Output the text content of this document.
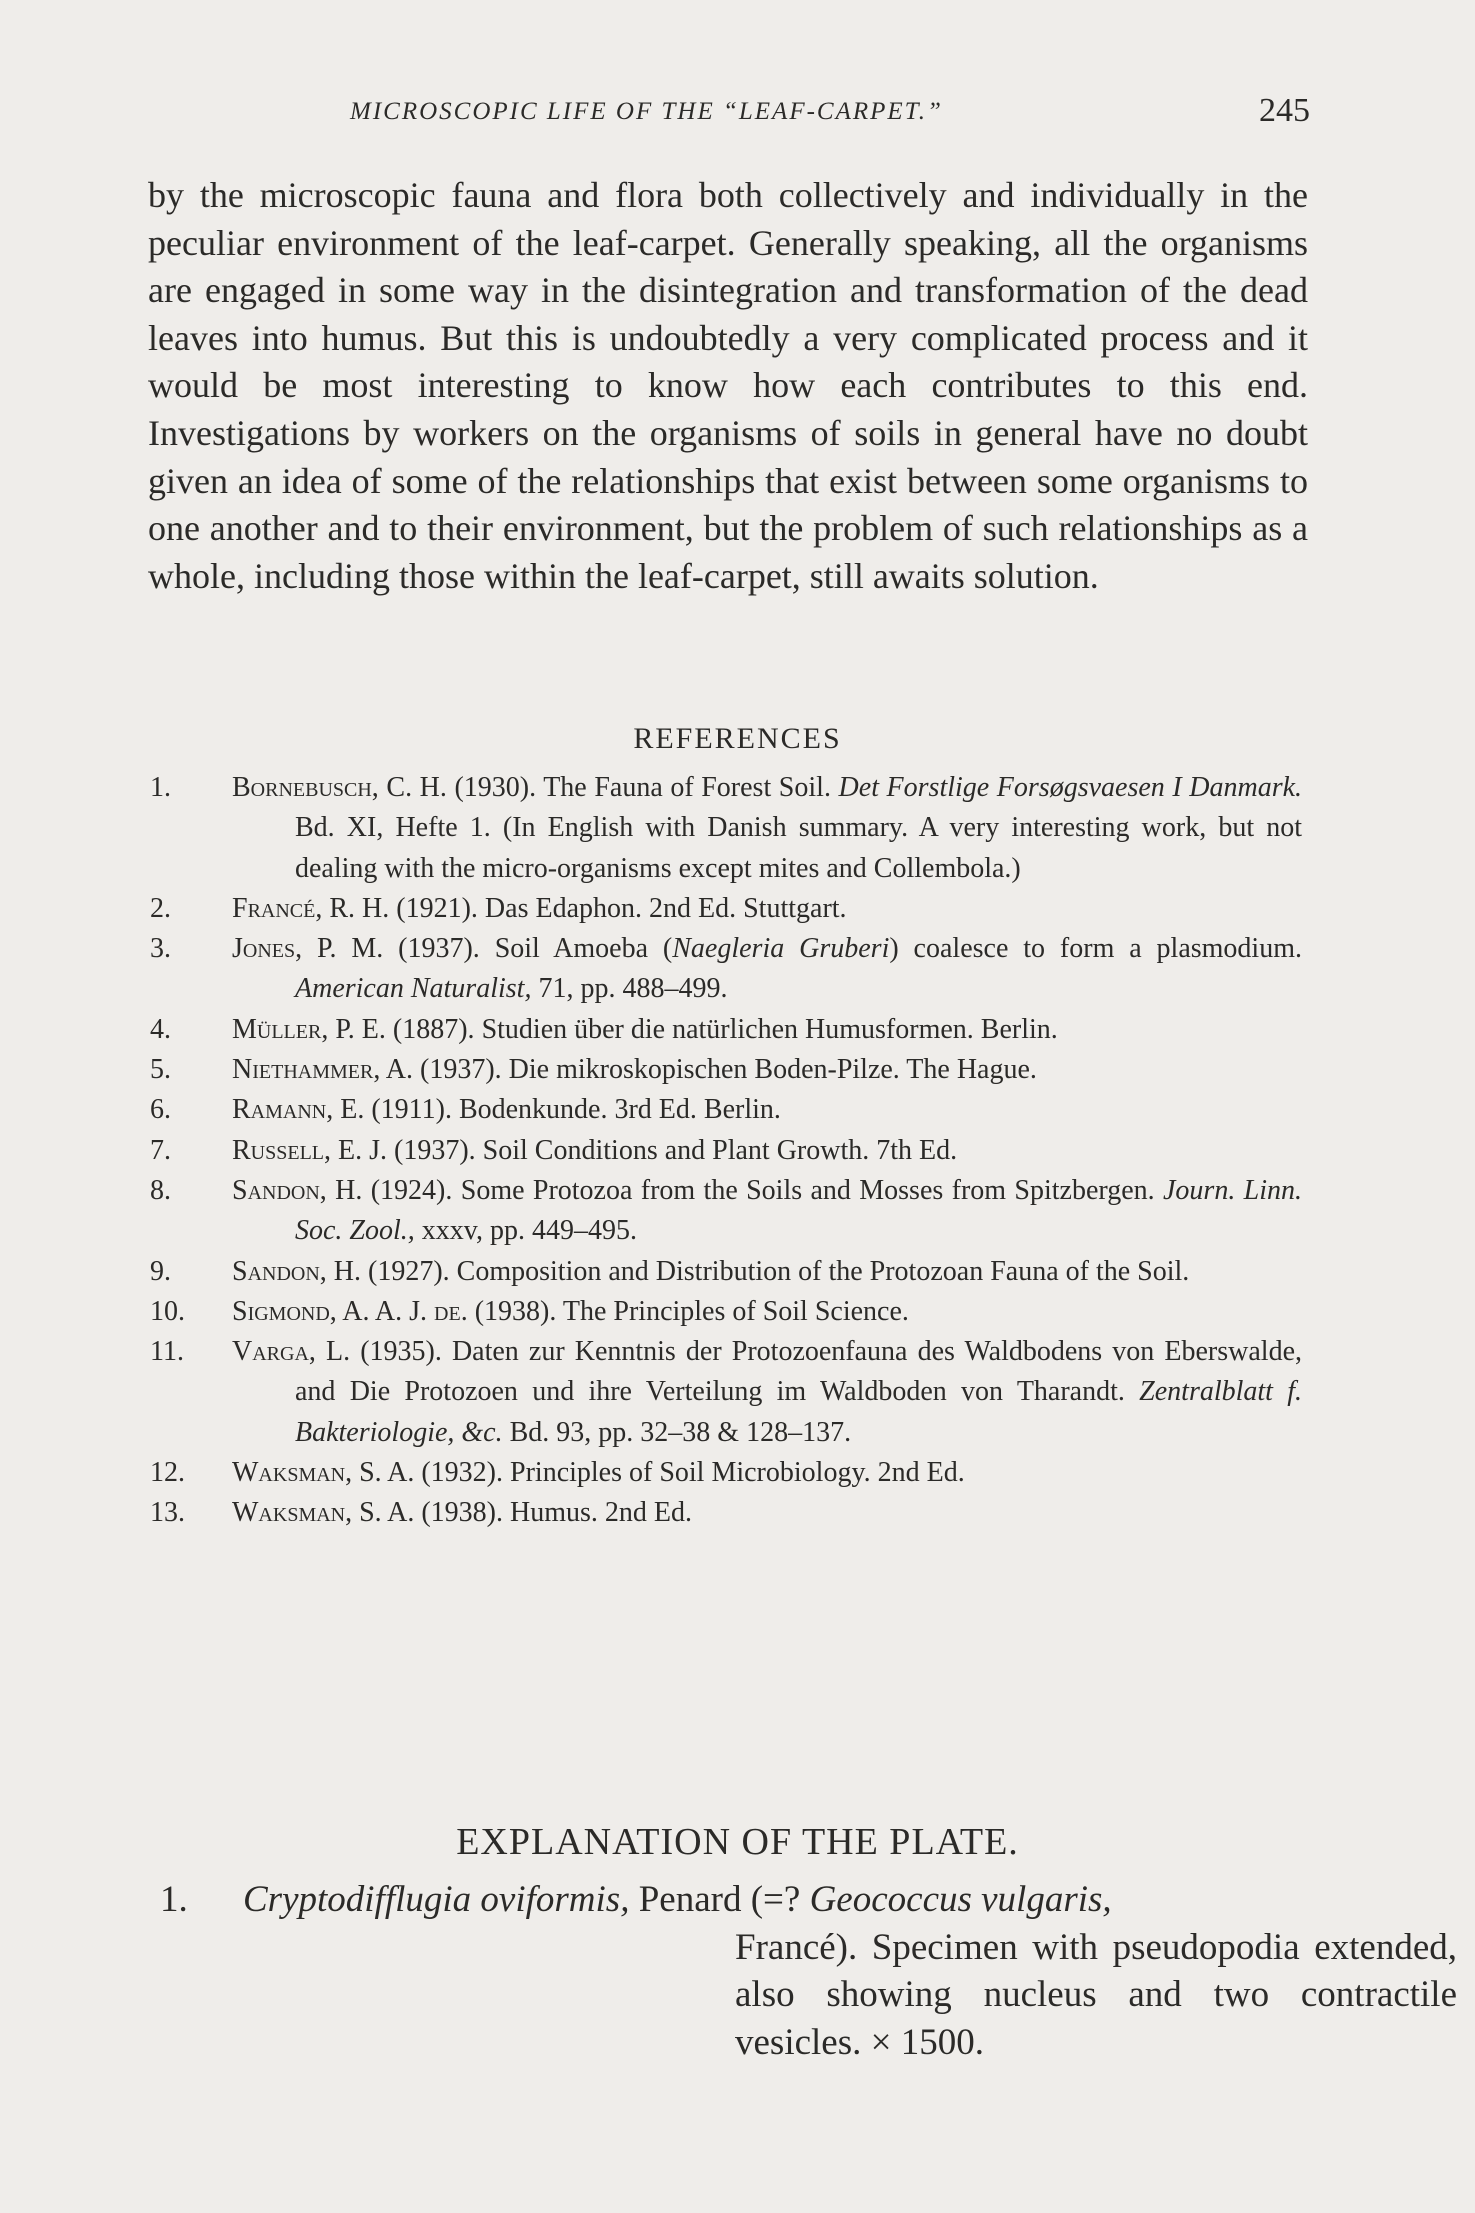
MICROSCOPIC LIFE OF THE “LEAF-CARPET.”	245
by the microscopic fauna and flora both collectively and individually in the peculiar environment of the leaf-carpet. Generally speaking, all the organisms are engaged in some way in the disintegration and transformation of the dead leaves into humus. But this is undoubtedly a very complicated process and it would be most interesting to know how each contributes to this end. Investigations by workers on the organisms of soils in general have no doubt given an idea of some of the relationships that exist between some organisms to one another and to their environment, but the problem of such relationships as a whole, including those within the leaf-carpet, still awaits solution.
REFERENCES
1. Bornebusch, C. H. (1930). The Fauna of Forest Soil. Det Forstlige Forsøgsvaesen I Danmark. Bd. XI, Hefte 1. (In English with Danish summary. A very interesting work, but not dealing with the micro-organisms except mites and Collembola.)
2. Francé, R. H. (1921). Das Edaphon. 2nd Ed. Stuttgart.
3. Jones, P. M. (1937). Soil Amoeba (Naegleria Gruberi) coalesce to form a plasmodium. American Naturalist, 71, pp. 488–499.
4. Müller, P. E. (1887). Studien über die natürlichen Humusformen. Berlin.
5. Niethammer, A. (1937). Die mikroskopischen Boden-Pilze. The Hague.
6. Ramann, E. (1911). Bodenkunde. 3rd Ed. Berlin.
7. Russell, E. J. (1937). Soil Conditions and Plant Growth. 7th Ed.
8. Sandon, H. (1924). Some Protozoa from the Soils and Mosses from Spitzbergen. Journ. Linn. Soc. Zool., xxxv, pp. 449–495.
9. Sandon, H. (1927). Composition and Distribution of the Protozoan Fauna of the Soil.
10. Sigmond, A. A. J. de. (1938). The Principles of Soil Science.
11. Varga, L. (1935). Daten zur Kenntnis der Protozoenfauna des Waldbodens von Eberswalde, and Die Protozoen und ihre Verteilung im Waldboden von Tharandt. Zentralblatt f. Bakteriologie, &c. Bd. 93, pp. 32–38 & 128–137.
12. Waksman, S. A. (1932). Principles of Soil Microbiology. 2nd Ed.
13. Waksman, S. A. (1938). Humus. 2nd Ed.
EXPLANATION OF THE PLATE.
1. Cryptodifflugia oviformis, Penard (=? Geococcus vulgaris,
Francé). Specimen with pseudopodia extended, also showing nucleus and two contractile vesicles. × 1500.
